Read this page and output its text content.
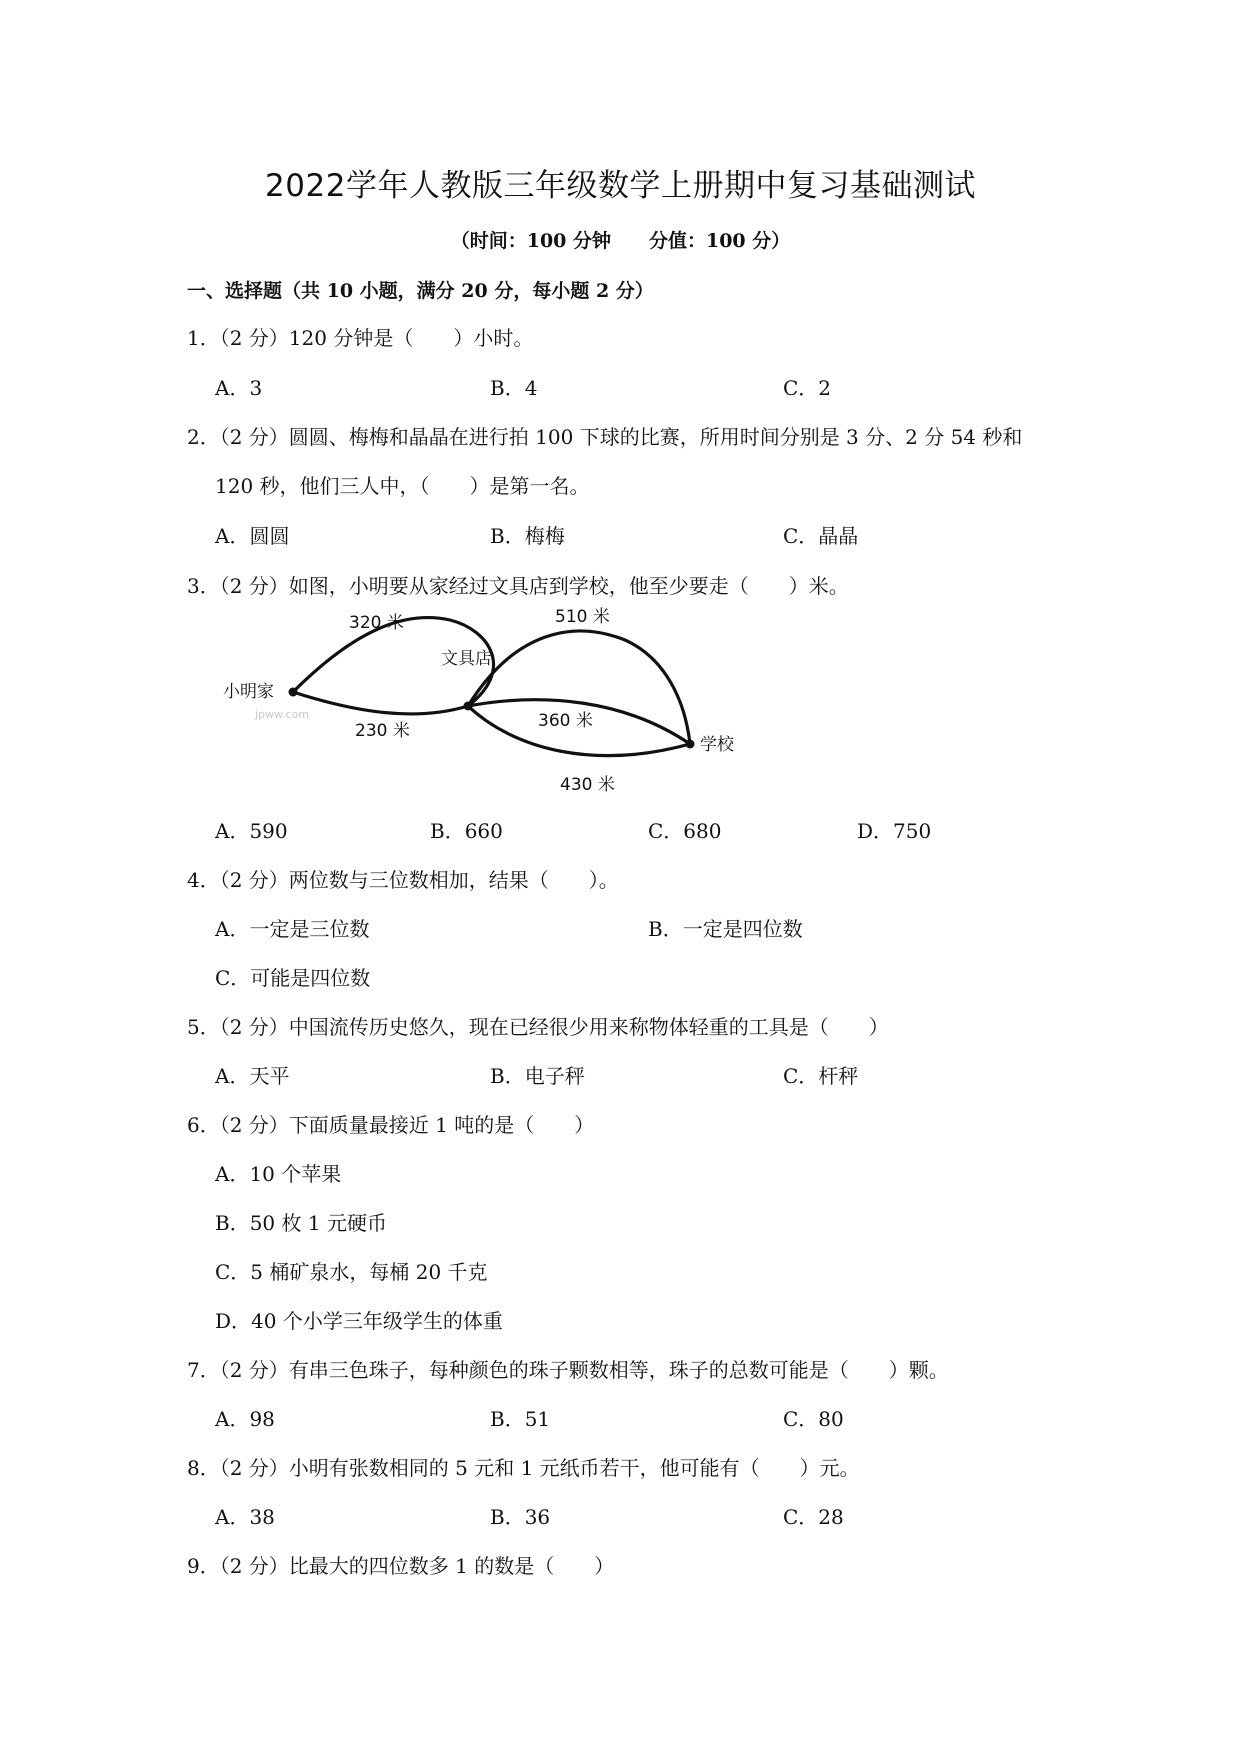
2022学年人教版三年级数学上册期中复习基础测试
（时间：100 分钟　　分值：100 分）
一、选择题（共 10 小题，满分 20 分，每小题 2 分）
1．（2 分）120 分钟是（　　）小时。
A．3	B．4	C．2
2．（2 分）圆圆、梅梅和晶晶在进行拍 100 下球的比赛，所用时间分别是 3 分、2 分 54 秒和
120 秒，他们三人中，（　　）是第一名。
A．圆圆	B．梅梅	C．晶晶
3．（2 分）如图，小明要从家经过文具店到学校，他至少要走（　　）米。
小明家
文具店
学校
320 米
230 米
510 米
360 米
430 米
jpww.com
A．590	B．660	C．680	D．750
4．（2 分）两位数与三位数相加，结果（　　）。
A．一定是三位数	B．一定是四位数
C．可能是四位数
5．（2 分）中国流传历史悠久，现在已经很少用来称物体轻重的工具是（　　）
A．天平	B．电子秤	C．杆秤
6．（2 分）下面质量最接近 1 吨的是（　　）
A．10 个苹果
B．50 枚 1 元硬币
C．5 桶矿泉水，每桶 20 千克
D．40 个小学三年级学生的体重
7．（2 分）有串三色珠子，每种颜色的珠子颗数相等，珠子的总数可能是（　　）颗。
A．98	B．51	C．80
8．（2 分）小明有张数相同的 5 元和 1 元纸币若干，他可能有（　　）元。
A．38	B．36	C．28
9．（2 分）比最大的四位数多 1 的数是（　　）
